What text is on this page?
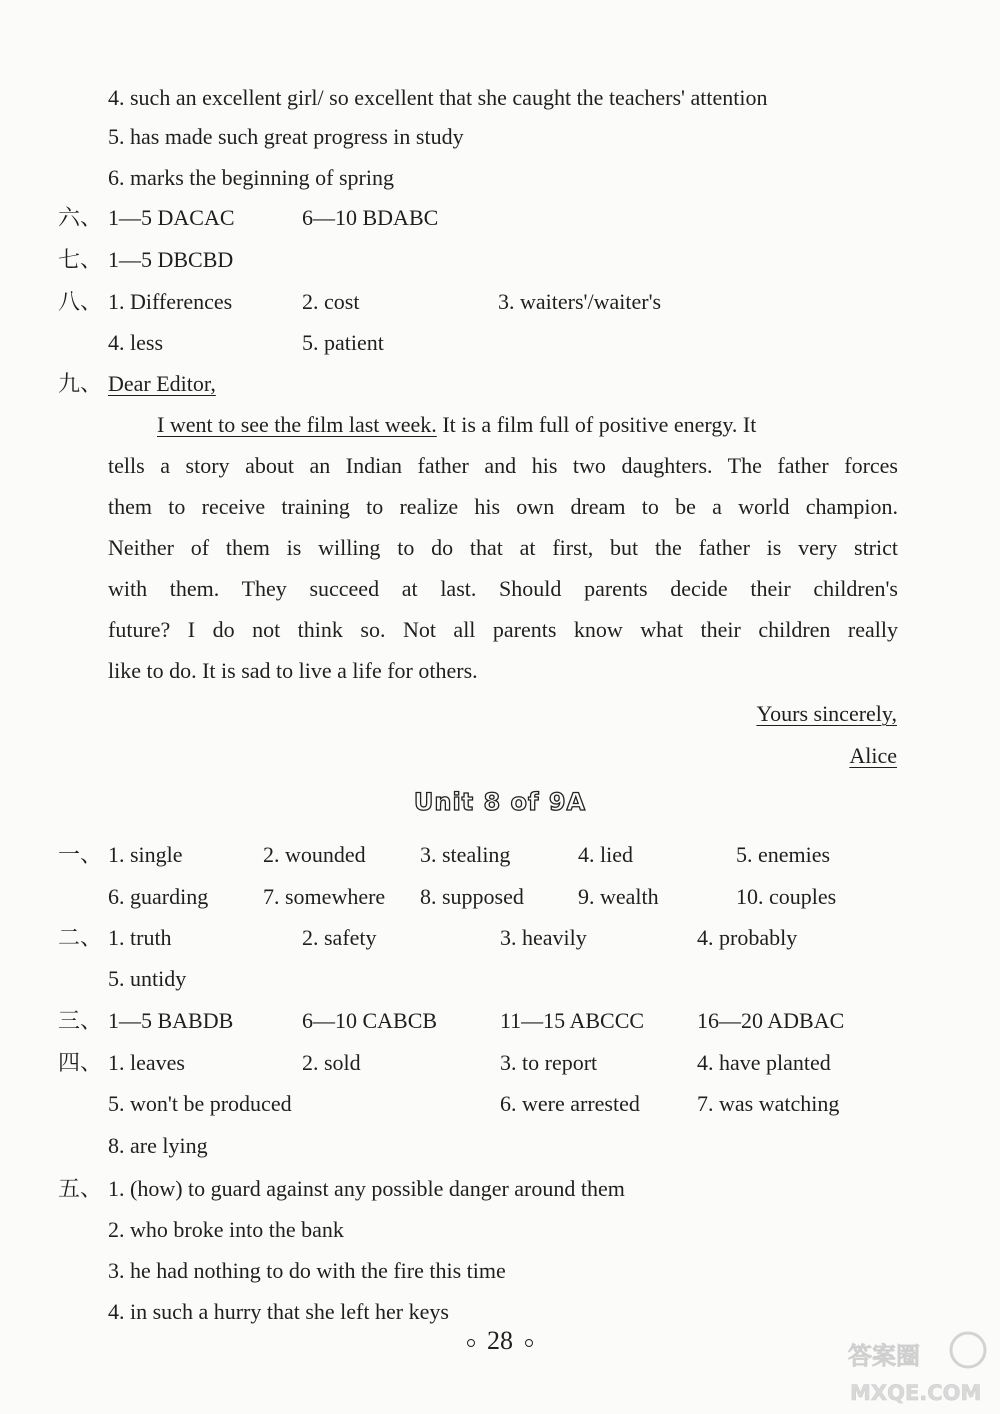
4. such an excellent girl/ so excellent that she caught the teachers' attention
5. has made such great progress in study
6. marks the beginning of spring
六、 1—5 DACAC	6—10 BDABC
七、 1—5 DBCBD
八、 1. Differences	2. cost	3. waiters'/waiter's
4. less	5. patient
九、 Dear Editor,
I went to see the film last week. It is a film full of positive energy. It
tells a story about an Indian father and his two daughters. The father forces
them to receive training to realize his own dream to be a world champion.
Neither of them is willing to do that at first, but the father is very strict
with them. They succeed at last. Should parents decide their children's
future? I do not think so. Not all parents know what their children really
like to do. It is sad to live a life for others.
Yours sincerely,
Alice
Unit 8 of 9A
一、 1. single	2. wounded 3. stealing	4. lied	5. enemies
6. guarding 7. somewhere 8. supposed 9. wealth	10. couples
二、 1. truth	2. safety	3. heavily	4. probably
5. untidy
三、 1—5 BABDB	6—10 CABCB	11—15 ABCCC 16—20 ADBAC
四、 1. leaves	2. sold	3. to report	4. have planted
5. won't be produced	6. were arrested	7. was watching
8. are lying
五、 1. (how) to guard against any possible danger around them
2. who broke into the bank
3. he had nothing to do with the fire this time
4. in such a hurry that she left her keys
28
答案圈
MXQE.COM
